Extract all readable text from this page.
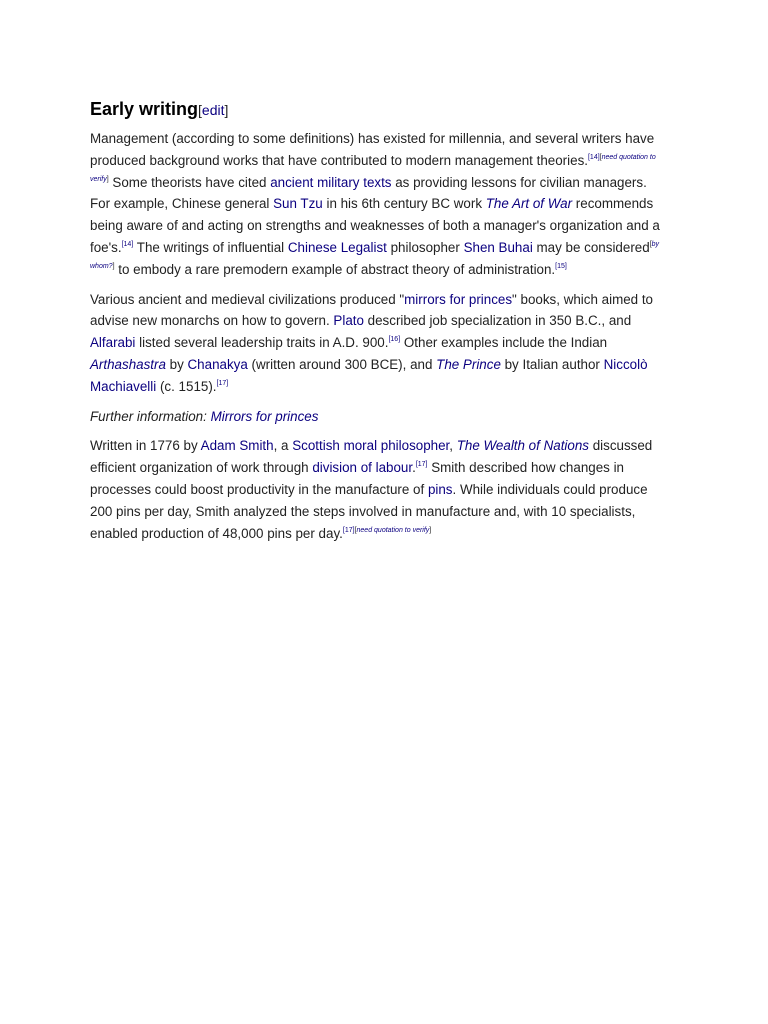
Early writing[edit]

Management (according to some definitions) has existed for millennia, and several writers have produced background works that have contributed to modern management theories.[14][need quotation to verify] Some theorists have cited ancient military texts as providing lessons for civilian managers. For example, Chinese general Sun Tzu in his 6th century BC work The Art of War recommends being aware of and acting on strengths and weaknesses of both a manager's organization and a foe's.[14] The writings of influential Chinese Legalist philosopher Shen Buhai may be considered[by whom?] to embody a rare premodern example of abstract theory of administration.[15]

Various ancient and medieval civilizations produced "mirrors for princes" books, which aimed to advise new monarchs on how to govern. Plato described job specialization in 350 B.C., and Alfarabi listed several leadership traits in A.D. 900.[16] Other examples include the Indian Arthashastra by Chanakya (written around 300 BCE), and The Prince by Italian author Niccolò Machiavelli (c. 1515).[17]

Further information: Mirrors for princes

Written in 1776 by Adam Smith, a Scottish moral philosopher, The Wealth of Nations discussed efficient organization of work through division of labour.[17] Smith described how changes in processes could boost productivity in the manufacture of pins. While individuals could produce 200 pins per day, Smith analyzed the steps involved in manufacture and, with 10 specialists, enabled production of 48,000 pins per day.[17][need quotation to verify]
